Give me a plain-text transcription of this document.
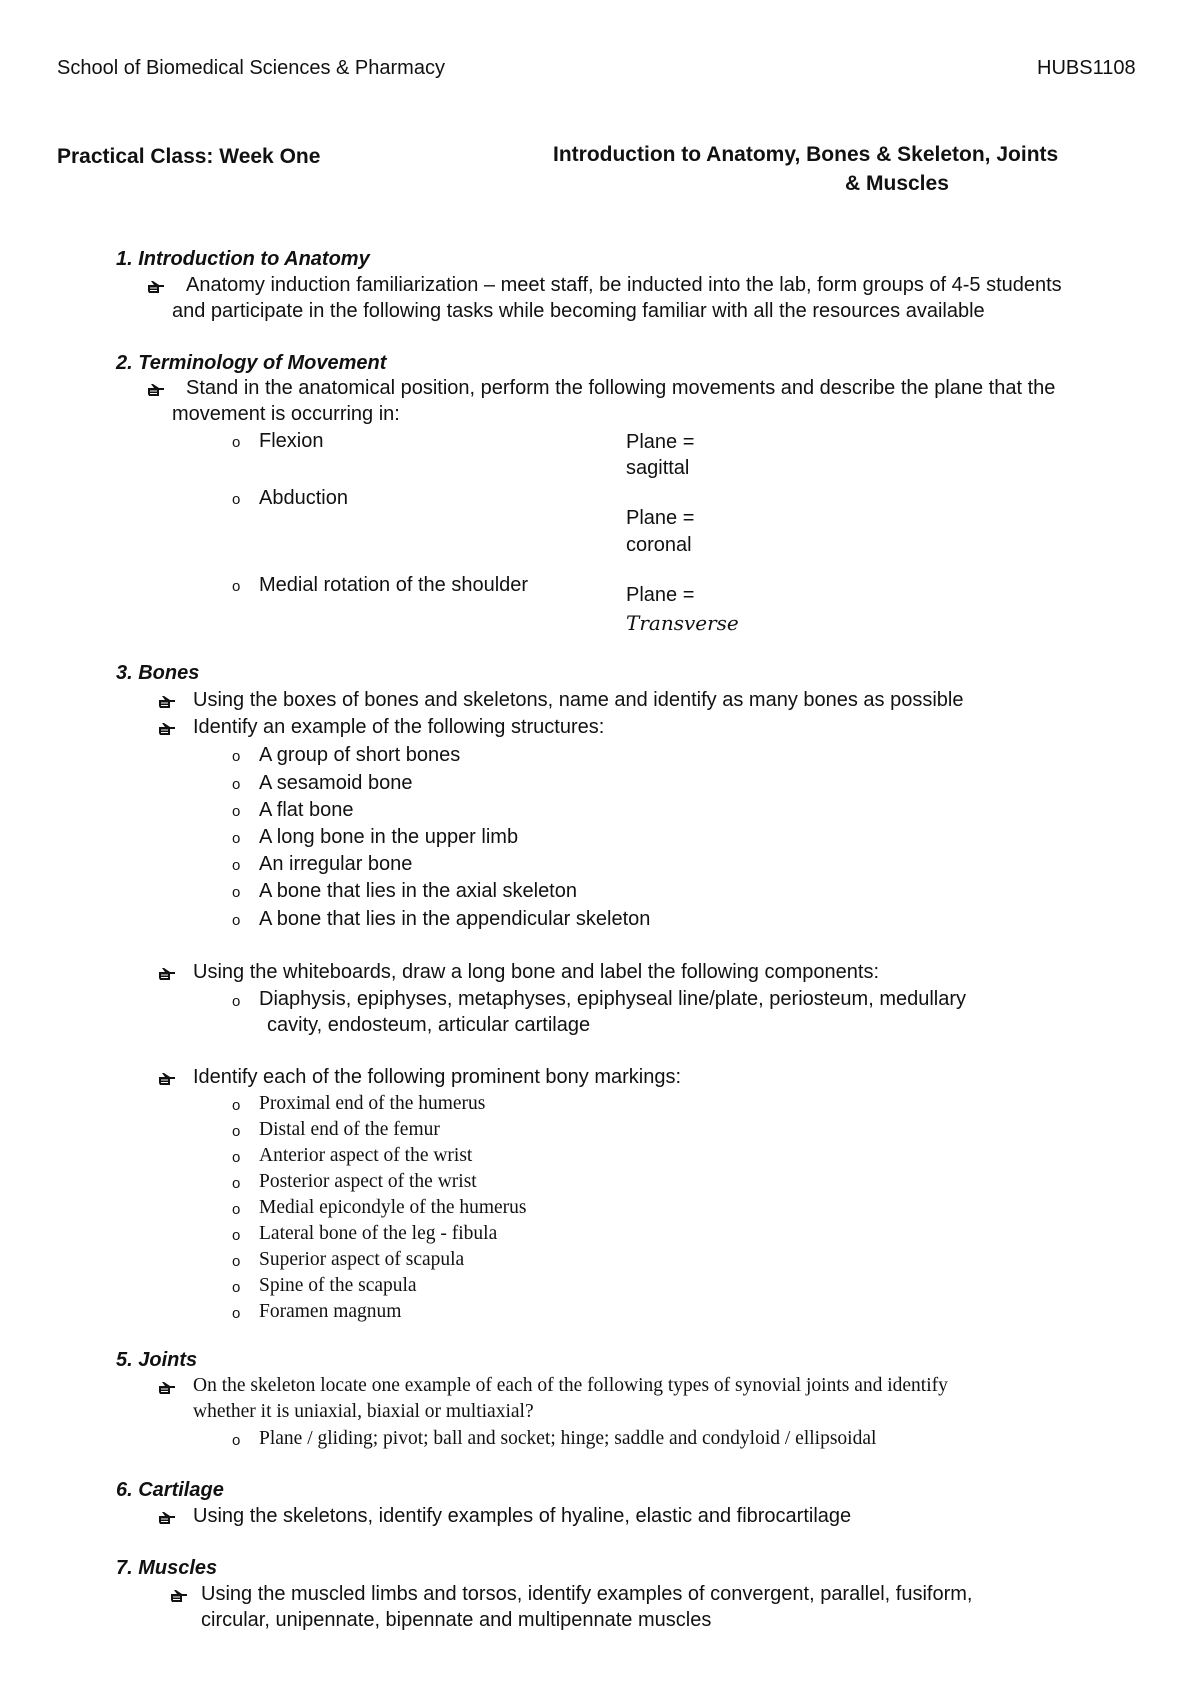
School of Biomedical Sciences & Pharmacy	HUBS1108
Practical Class: Week One	Introduction to Anatomy, Bones & Skeleton, Joints
& Muscles
1. Introduction to Anatomy
Anatomy induction familiarization – meet staff, be inducted into the lab, form groups of 4-5 students
and participate in the following tasks while becoming familiar with all the resources available
2. Terminology of Movement
Stand in the anatomical position, perform the following movements and describe the plane that the
movement is occurring in:
o Flexion	Plane =
sagittal
o Abduction
Plane =
coronal
o Medial rotation of the shoulder	Plane =
Transverse
3. Bones
Using the boxes of bones and skeletons, name and identify as many bones as possible
Identify an example of the following structures:
o A group of short bones
o A sesamoid bone
o A flat bone
o A long bone in the upper limb
o An irregular bone
o A bone that lies in the axial skeleton
o A bone that lies in the appendicular skeleton
Using the whiteboards, draw a long bone and label the following components:
o Diaphysis, epiphyses, metaphyses, epiphyseal line/plate, periosteum, medullary
cavity, endosteum, articular cartilage
Identify each of the following prominent bony markings:
o Proximal end of the humerus
o Distal end of the femur
o Anterior aspect of the wrist
o Posterior aspect of the wrist
o Medial epicondyle of the humerus
o Lateral bone of the leg - fibula
o Superior aspect of scapula
o Spine of the scapula
o Foramen magnum
5. Joints
On the skeleton locate one example of each of the following types of synovial joints and identify
whether it is uniaxial, biaxial or multiaxial?
o Plane / gliding; pivot; ball and socket; hinge; saddle and condyloid / ellipsoidal
6. Cartilage
Using the skeletons, identify examples of hyaline, elastic and fibrocartilage
7. Muscles
Using the muscled limbs and torsos, identify examples of convergent, parallel, fusiform,
circular, unipennate, bipennate and multipennate muscles
